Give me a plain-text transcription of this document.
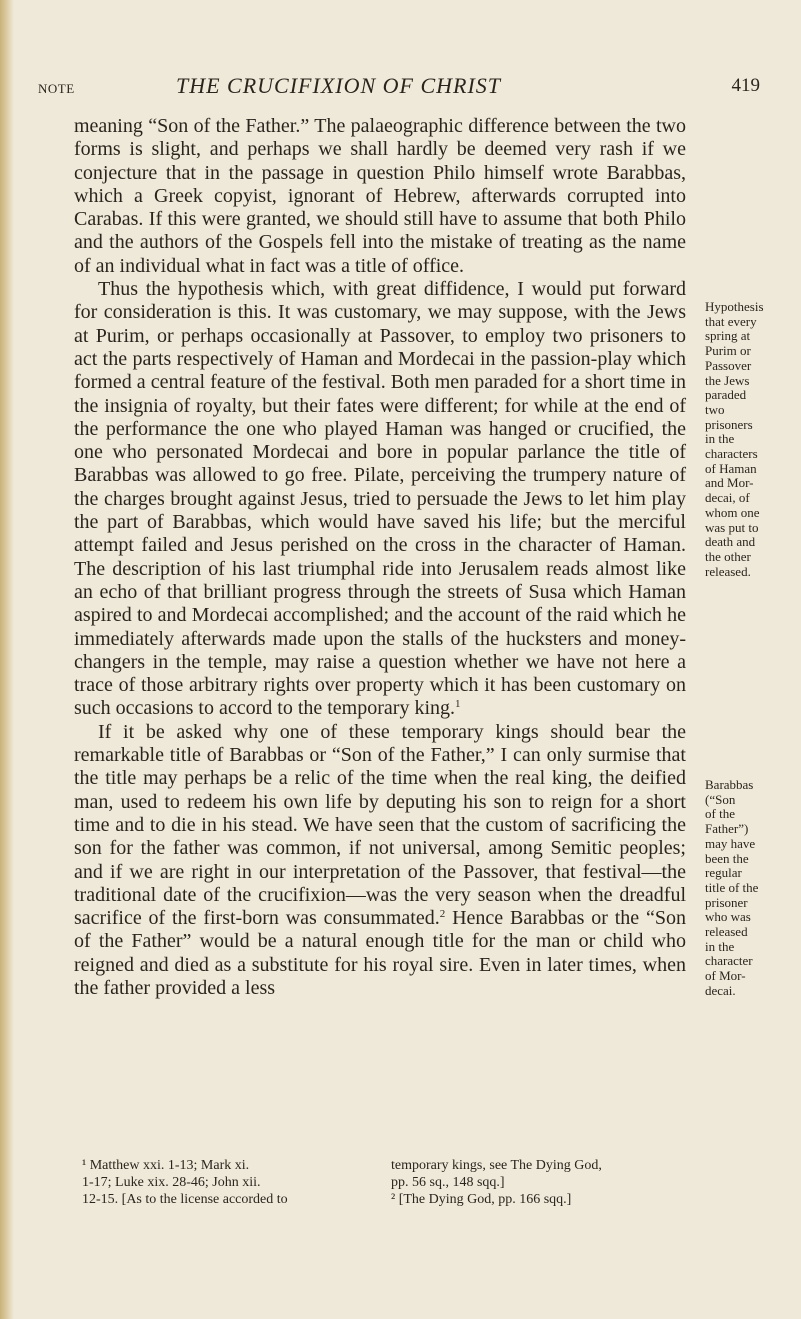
NOTE	THE CRUCIFIXION OF CHRIST	419

meaning “Son of the Father.” The palaeographic difference between the two forms is slight, and perhaps we shall hardly be deemed very rash if we conjecture that in the passage in question Philo himself wrote Barabbas, which a Greek copyist, ignorant of Hebrew, afterwards corrupted into Carabas. If this were granted, we should still have to assume that both Philo and the authors of the Gospels fell into the mistake of treating as the name of an individual what in fact was a title of office.

Thus the hypothesis which, with great diffidence, I would put forward for consideration is this. It was customary, we may suppose, with the Jews at Purim, or perhaps occasionally at Passover, to employ two prisoners to act the parts respectively of Haman and Mordecai in the passion-play which formed a central feature of the festival. Both men paraded for a short time in the insignia of royalty, but their fates were different; for while at the end of the performance the one who played Haman was hanged or crucified, the one who personated Mordecai and bore in popular parlance the title of Barabbas was allowed to go free. Pilate, perceiving the trumpery nature of the charges brought against Jesus, tried to persuade the Jews to let him play the part of Barabbas, which would have saved his life; but the merciful attempt failed and Jesus perished on the cross in the character of Haman. The description of his last triumphal ride into Jerusalem reads almost like an echo of that brilliant progress through the streets of Susa which Haman aspired to and Mordecai accomplished; and the account of the raid which he immediately afterwards made upon the stalls of the hucksters and money-changers in the temple, may raise a question whether we have not here a trace of those arbitrary rights over property which it has been customary on such occasions to accord to the temporary king.$^1$

If it be asked why one of these temporary kings should bear the remarkable title of Barabbas or “Son of the Father,” I can only surmise that the title may perhaps be a relic of the time when the real king, the deified man, used to redeem his own life by deputing his son to reign for a short time and to die in his stead. We have seen that the custom of sacrificing the son for the father was common, if not universal, among Semitic peoples; and if we are right in our interpretation of the Passover, that festival—the traditional date of the crucifixion—was the very season when the dreadful sacrifice of the first-born was consummated.$^2$ Hence Barabbas or the “Son of the Father” would be a natural enough title for the man or child who reigned and died as a substitute for his royal sire. Even in later times, when the father provided a less

Hypothesis
that every
spring at
Purim or
Passover
the Jews
paraded
two
prisoners
in the
characters
of Haman
and Mor-
decai, of
whom one
was put to
death and
the other
released.
Barabbas
(“Son
of the
Father”)
may have
been the
regular
title of the
prisoner
who was
released
in the
character
of Mor-
decai.
¹ Matthew xxi. 1-13; Mark xi.
1-17; Luke xix. 28-46; John xii.
12-15. [As to the license accorded to
temporary kings, see The Dying God,
pp. 56 sq., 148 sqq.]
² [The Dying God, pp. 166 sqq.]
